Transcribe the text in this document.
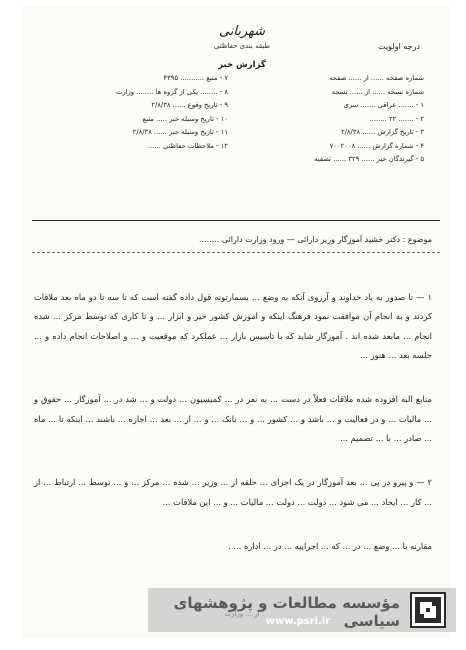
شهربانی
طبقه بندی حفاظتی	درجه اولویت
گزارش خبر
شماره صفحه ...... از ...... صفحه
شماره نسخه ...... از ...... نسخه
۱ - ....... عراقی ....... سری
۲ - ....... ۲۲ ........
۳ - تاریخ گزارش ...... ۲/۸/۳۸
۴ - شماره گزارش ...... ۷۰۰۲۰۰۸
۵ - گیرندگان خبر ...... ۳۲۹ ...... تصفیه
۷ - منبع ........... ۴۳۹۵
۸ - ........ یکی از گروه ها ........ وزارت
۹ - تاریخ وقوع ...... ۲/۸/۳۸
۱۰ - تاریخ وسیله خبر ..... منبع
۱۱ - تاریخ وسیله خبر ...... ۲/۸/۳۸
۱۲ - ملاحظات حفاظتی ......
موضوع : دکتر خشید آموزگار وزیر دارائی — ورود وزارت دارائی ........

۱ — تا صدور به یاد خداوند و آرزوی آنکه به وضع ... بسمارتونه قول داده گفته است که تا سه تا دو ماه بعد ملاقات کردند و به انجام آن موافقت نمود فرهنگ اینکه و اموزش کشور خیر و ابزار ... و تا کاری که توسط مرکز ... شده انجام ... مابعد شده اند . آموزگار شاید که با تاسیس بازار ... عملکرد که موقعیت و ... و اصلاحات انجام داده و ... جلسه بعد ... هنوز ...

منابع البه افزوده شده ملاقات فعلاً در دست ... به نفر در ... کمیسیون ... دولت و ... شد در ... آموزگار ... حقوق و ... مالیات ... و در فعالیت و ... باشد و ... کشور ... و ... بانک ... و ... از ... بعد ... اجازه ... باشند ... اینکه تا ... ماه ... صادر ... با ... تصمیم ...

۲ — و پیرو در پی ... بعد آموزگار در یک اجرای ... حلقه از ... وزیر ... شده ... مرکز ... و ... توسط ... ارتباط ... از ... کار ... ایجاد ... می شود ... دولت ... دولت ... مالیات ... و ... این ملاقات ...

مقارنه با ... وضع ... در ... که ... اجراییه ... در ... اداره ... .

مؤسسه مطالعات و پژوهشهای سیاسی
www.psri.ir
